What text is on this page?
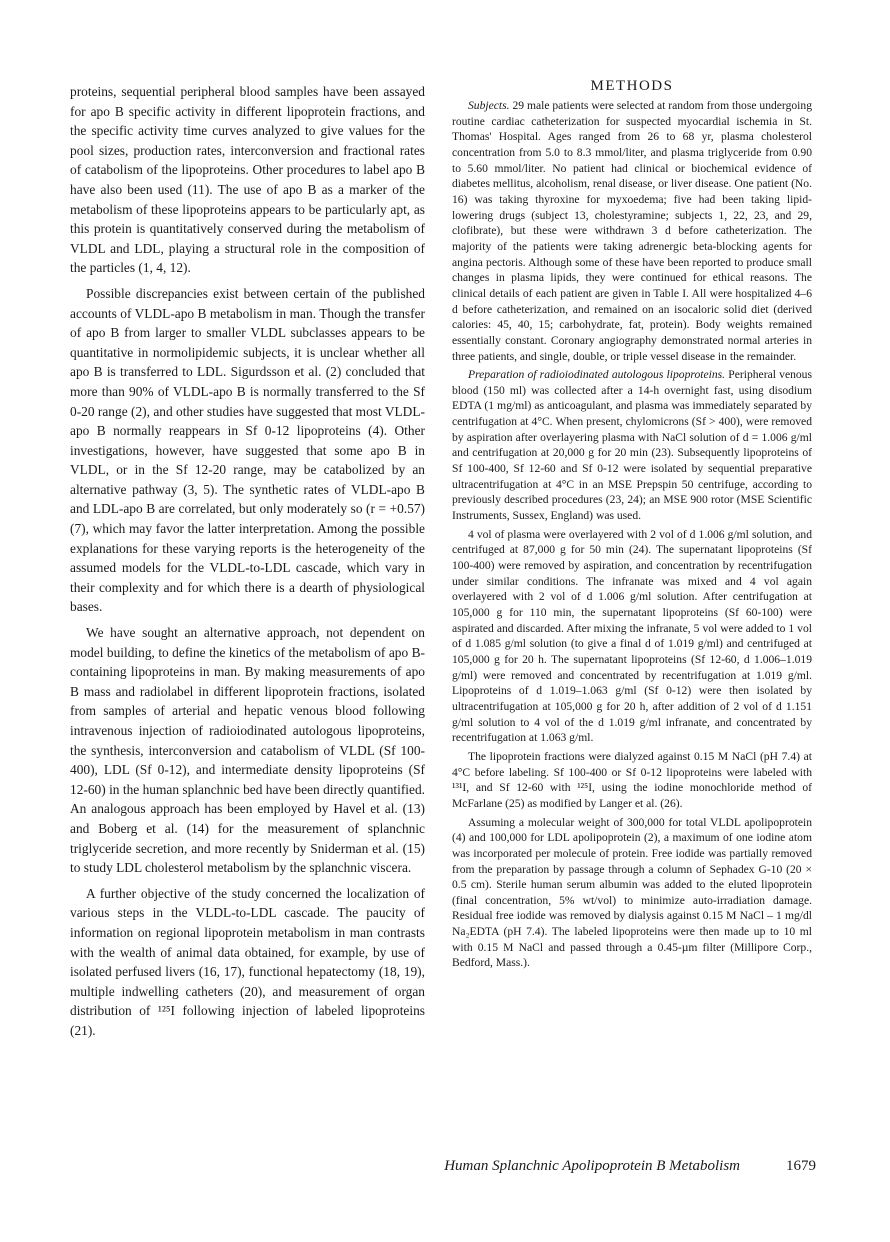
proteins, sequential peripheral blood samples have been assayed for apo B specific activity in different lipoprotein fractions, and the specific activity time curves analyzed to give values for the pool sizes, production rates, interconversion and fractional rates of catabolism of the lipoproteins. Other procedures to label apo B have also been used (11). The use of apo B as a marker of the metabolism of these lipoproteins appears to be particularly apt, as this protein is quantitatively conserved during the metabolism of VLDL and LDL, playing a structural role in the composition of the particles (1, 4, 12).

Possible discrepancies exist between certain of the published accounts of VLDL-apo B metabolism in man. Though the transfer of apo B from larger to smaller VLDL subclasses appears to be quantitative in normolipidemic subjects, it is unclear whether all apo B is transferred to LDL. Sigurdsson et al. (2) concluded that more than 90% of VLDL-apo B is normally transferred to the Sf 0-20 range (2), and other studies have suggested that most VLDL-apo B normally reappears in Sf 0-12 lipoproteins (4). Other investigations, however, have suggested that some apo B in VLDL, or in the Sf 12-20 range, may be catabolized by an alternative pathway (3, 5). The synthetic rates of VLDL-apo B and LDL-apo B are correlated, but only moderately so (r = +0.57) (7), which may favor the latter interpretation. Among the possible explanations for these varying reports is the heterogeneity of the assumed models for the VLDL-to-LDL cascade, which vary in their complexity and for which there is a dearth of physiological bases.

We have sought an alternative approach, not dependent on model building, to define the kinetics of the metabolism of apo B-containing lipoproteins in man. By making measurements of apo B mass and radiolabel in different lipoprotein fractions, isolated from samples of arterial and hepatic venous blood following intravenous injection of radioiodinated autologous lipoproteins, the synthesis, interconversion and catabolism of VLDL (Sf 100-400), LDL (Sf 0-12), and intermediate density lipoproteins (Sf 12-60) in the human splanchnic bed have been directly quantified. An analogous approach has been employed by Havel et al. (13) and Boberg et al. (14) for the measurement of splanchnic triglyceride secretion, and more recently by Sniderman et al. (15) to study LDL cholesterol metabolism by the splanchnic viscera.

A further objective of the study concerned the localization of various steps in the VLDL-to-LDL cascade. The paucity of information on regional lipoprotein metabolism in man contrasts with the wealth of animal data obtained, for example, by use of isolated perfused livers (16, 17), functional hepatectomy (18, 19), multiple indwelling catheters (20), and measurement of organ distribution of ¹²⁵I following injection of labeled lipoproteins (21).

METHODS

Subjects. 29 male patients were selected at random from those undergoing routine cardiac catheterization for suspected myocardial ischemia in St. Thomas' Hospital. Ages ranged from 26 to 68 yr, plasma cholesterol concentration from 5.0 to 8.3 mmol/liter, and plasma triglyceride from 0.90 to 5.60 mmol/liter. No patient had clinical or biochemical evidence of diabetes mellitus, alcoholism, renal disease, or liver disease. One patient (No. 16) was taking thyroxine for myxoedema; five had been taking lipid-lowering drugs (subject 13, cholestyramine; subjects 1, 22, 23, and 29, clofibrate), but these were withdrawn 3 d before catheterization. The majority of the patients were taking adrenergic beta-blocking agents for angina pectoris. Although some of these have been reported to produce small changes in plasma lipids, they were continued for ethical reasons. The clinical details of each patient are given in Table I. All were hospitalized 4–6 d before catheterization, and remained on an isocaloric solid diet (derived calories: 45, 40, 15; carbohydrate, fat, protein). Body weights remained essentially constant. Coronary angiography demonstrated normal arteries in three patients, and single, double, or triple vessel disease in the remainder.

Preparation of radioiodinated autologous lipoproteins. Peripheral venous blood (150 ml) was collected after a 14-h overnight fast, using disodium EDTA (1 mg/ml) as anticoagulant, and plasma was immediately separated by centrifugation at 4°C. When present, chylomicrons (Sf > 400), were removed by aspiration after overlayering plasma with NaCl solution of d = 1.006 g/ml and centrifugation at 20,000 g for 20 min (23). Subsequently lipoproteins of Sf 100-400, Sf 12-60 and Sf 0-12 were isolated by sequential preparative ultracentrifugation at 4°C in an MSE Prepspin 50 centrifuge, according to previously described procedures (23, 24); an MSE 900 rotor (MSE Scientific Instruments, Sussex, England) was used.

4 vol of plasma were overlayered with 2 vol of d 1.006 g/ml solution, and centrifuged at 87,000 g for 50 min (24). The supernatant lipoproteins (Sf 100-400) were removed by aspiration, and concentration by recentrifugation under similar conditions. The infranate was mixed and 4 vol again overlayered with 2 vol of d 1.006 g/ml solution. After centrifugation at 105,000 g for 110 min, the supernatant lipoproteins (Sf 60-100) were aspirated and discarded. After mixing the infranate, 5 vol were added to 1 vol of d 1.085 g/ml solution (to give a final d of 1.019 g/ml) and centrifuged at 105,000 g for 20 h. The supernatant lipoproteins (Sf 12-60, d 1.006–1.019 g/ml) were removed and concentrated by recentrifugation at 1.019 g/ml. Lipoproteins of d 1.019–1.063 g/ml (Sf 0-12) were then isolated by ultracentrifugation at 105,000 g for 20 h, after addition of 2 vol of d 1.151 g/ml solution to 4 vol of the d 1.019 g/ml infranate, and concentrated by recentrifugation at 1.063 g/ml.

The lipoprotein fractions were dialyzed against 0.15 M NaCl (pH 7.4) at 4°C before labeling. Sf 100-400 or Sf 0-12 lipoproteins were labeled with ¹³¹I, and Sf 12-60 with ¹²⁵I, using the iodine monochloride method of McFarlane (25) as modified by Langer et al. (26).

Assuming a molecular weight of 300,000 for total VLDL apolipoprotein (4) and 100,000 for LDL apolipoprotein (2), a maximum of one iodine atom was incorporated per molecule of protein. Free iodide was partially removed from the preparation by passage through a column of Sephadex G-10 (20 × 0.5 cm). Sterile human serum albumin was added to the eluted lipoprotein (final concentration, 5% wt/vol) to minimize auto-irradiation damage. Residual free iodide was removed by dialysis against 0.15 M NaCl – 1 mg/dl Na₂EDTA (pH 7.4). The labeled lipoproteins were then made up to 10 ml with 0.15 M NaCl and passed through a 0.45-µm filter (Millipore Corp., Bedford, Mass.).

Human Splanchnic Apolipoprotein B Metabolism	1679
